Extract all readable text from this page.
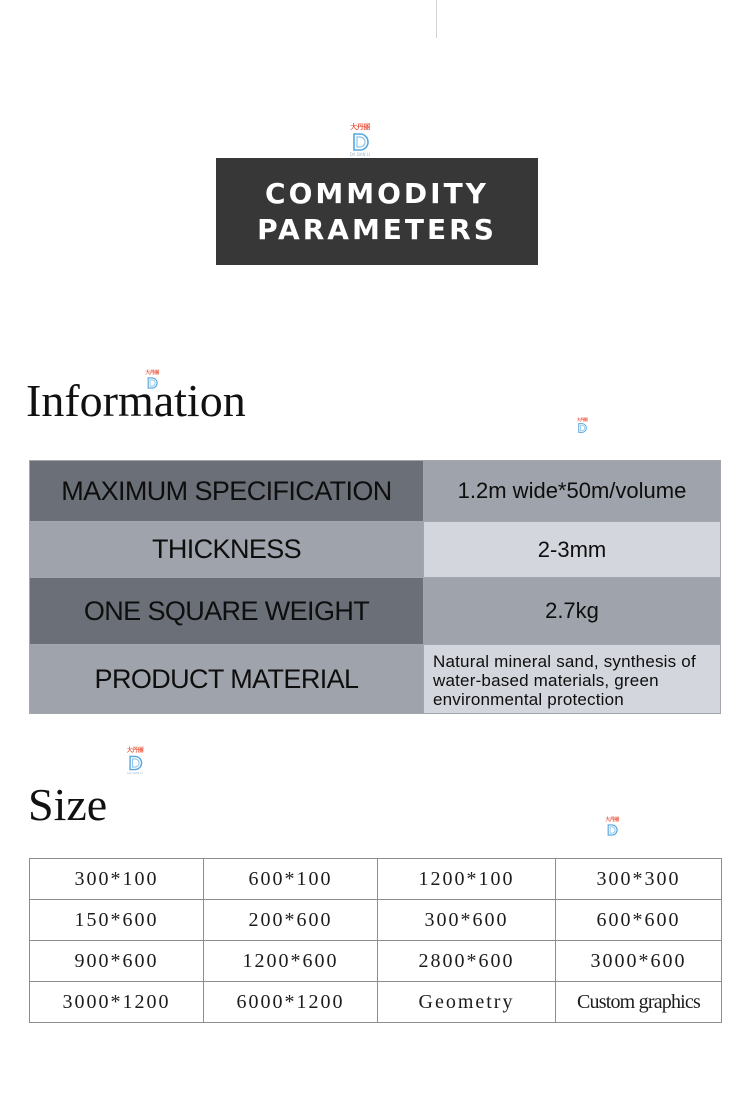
大丹丽
DA DAN LI
大丹丽
大丹丽
大丹丽
DA DAN LI
大丹丽
COMMODITY
PARAMETERS
Information
MAXIMUM SPECIFICATION	1.2m wide*50m/volume
THICKNESS	2-3mm
ONE SQUARE WEIGHT	2.7kg
PRODUCT MATERIAL	Natural mineral sand, synthesis of water-based materials, green environmental protection
Size
300*100	600*100	1200*100	300*300
150*600	200*600	300*600	600*600
900*600	1200*600	2800*600	3000*600
3000*1200	6000*1200	Geometry	Custom graphics
